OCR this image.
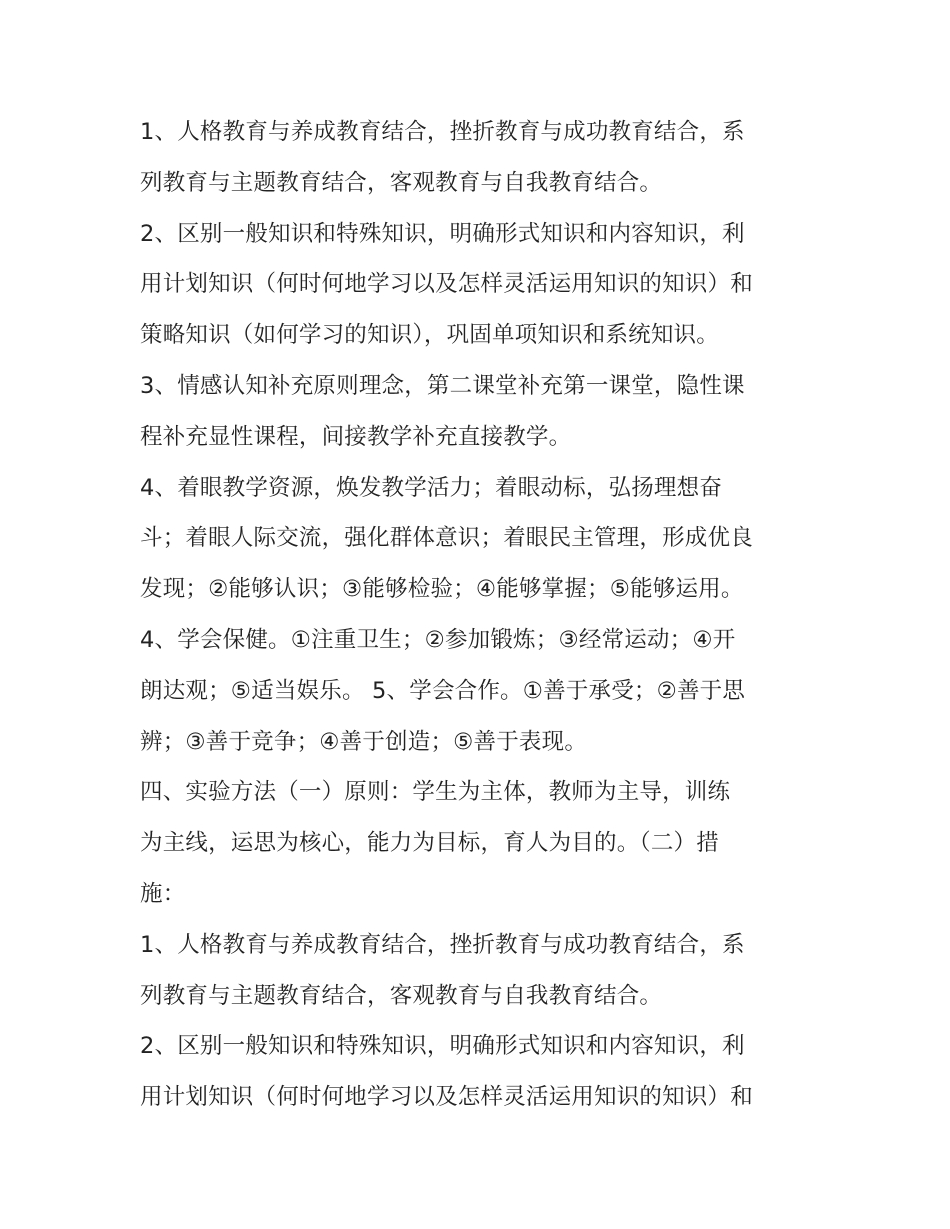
1、人格教育与养成教育结合，挫折教育与成功教育结合，系
列教育与主题教育结合，客观教育与自我教育结合。
2、区别一般知识和特殊知识，明确形式知识和内容知识，利
用计划知识（何时何地学习以及怎样灵活运用知识的知识）和
策略知识（如何学习的知识），巩固单项知识和系统知识。
3、情感认知补充原则理念，第二课堂补充第一课堂，隐性课
程补充显性课程，间接教学补充直接教学。
4、着眼教学资源，焕发教学活力；着眼动标，弘扬理想奋
斗；着眼人际交流，强化群体意识；着眼民主管理，形成优良
发现；②能够认识；③能够检验；④能够掌握；⑤能够运用。
4、学会保健。①注重卫生；②参加锻炼；③经常运动；④开
朗达观；⑤适当娱乐。 5、学会合作。①善于承受；②善于思
辨；③善于竞争；④善于创造；⑤善于表现。
四、实验方法（一）原则：学生为主体，教师为主导，训练
为主线，运思为核心，能力为目标，育人为目的。（二）措
施：
1、人格教育与养成教育结合，挫折教育与成功教育结合，系
列教育与主题教育结合，客观教育与自我教育结合。
2、区别一般知识和特殊知识，明确形式知识和内容知识，利
用计划知识（何时何地学习以及怎样灵活运用知识的知识）和
